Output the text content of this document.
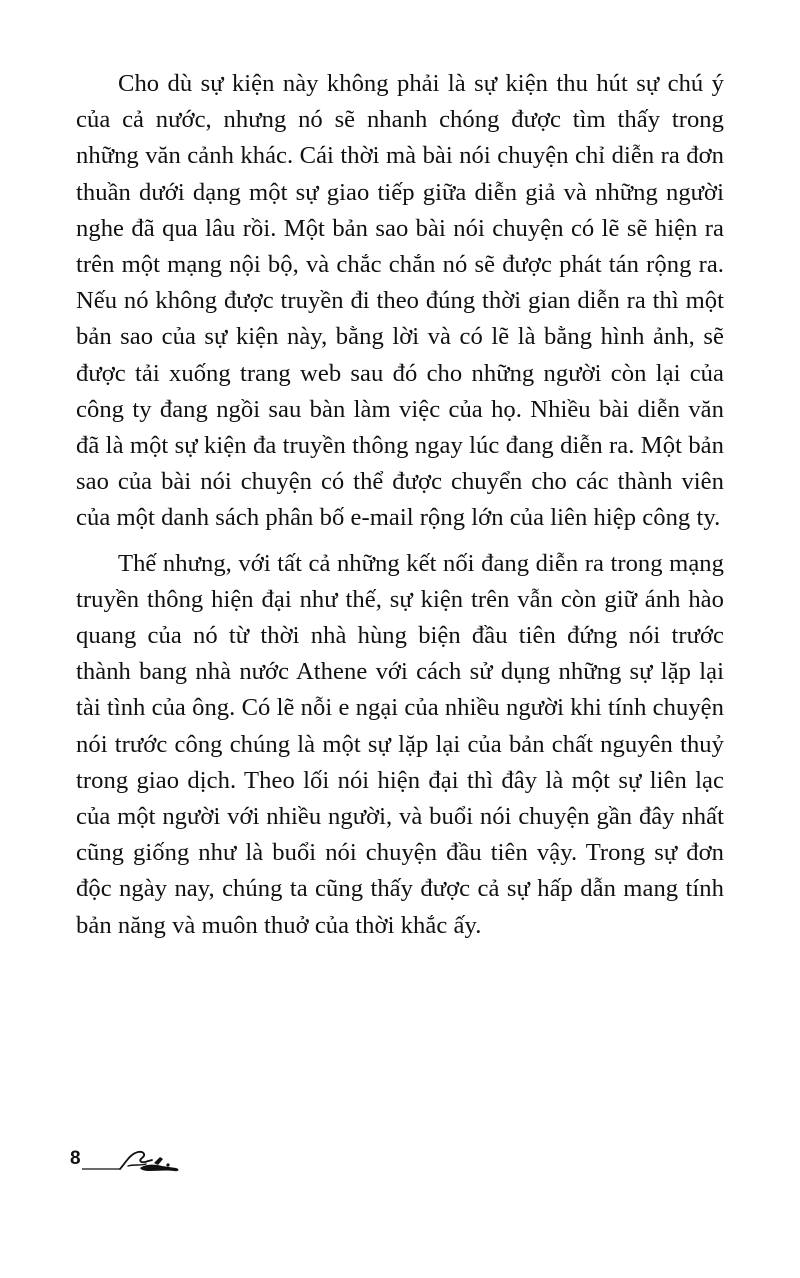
Cho dù sự kiện này không phải là sự kiện thu hút sự chú ý của cả nước, nhưng nó sẽ nhanh chóng được tìm thấy trong những văn cảnh khác. Cái thời mà bài nói chuyện chỉ diễn ra đơn thuần dưới dạng một sự giao tiếp giữa diễn giả và những người nghe đã qua lâu rồi. Một bản sao bài nói chuyện có lẽ sẽ hiện ra trên một mạng nội bộ, và chắc chắn nó sẽ được phát tán rộng ra. Nếu nó không được truyền đi theo đúng thời gian diễn ra thì một bản sao của sự kiện này, bằng lời và có lẽ là bằng hình ảnh, sẽ được tải xuống trang web sau đó cho những người còn lại của công ty đang ngồi sau bàn làm việc của họ. Nhiều bài diễn văn đã là một sự kiện đa truyền thông ngay lúc đang diễn ra. Một bản sao của bài nói chuyện có thể được chuyển cho các thành viên của một danh sách phân bố e-mail rộng lớn của liên hiệp công ty.

Thế nhưng, với tất cả những kết nối đang diễn ra trong mạng truyền thông hiện đại như thế, sự kiện trên vẫn còn giữ ánh hào quang của nó từ thời nhà hùng biện đầu tiên đứng nói trước thành bang nhà nước Athene với cách sử dụng những sự lặp lại tài tình của ông. Có lẽ nỗi e ngại của nhiều người khi tính chuyện nói trước công chúng là một sự lặp lại của bản chất nguyên thuỷ trong giao dịch. Theo lối nói hiện đại thì đây là một sự liên lạc của một người với nhiều người, và buổi nói chuyện gần đây nhất cũng giống như là buổi nói chuyện đầu tiên vậy. Trong sự đơn độc ngày nay, chúng ta cũng thấy được cả sự hấp dẫn mang tính bản năng và muôn thuở của thời khắc ấy.

8
